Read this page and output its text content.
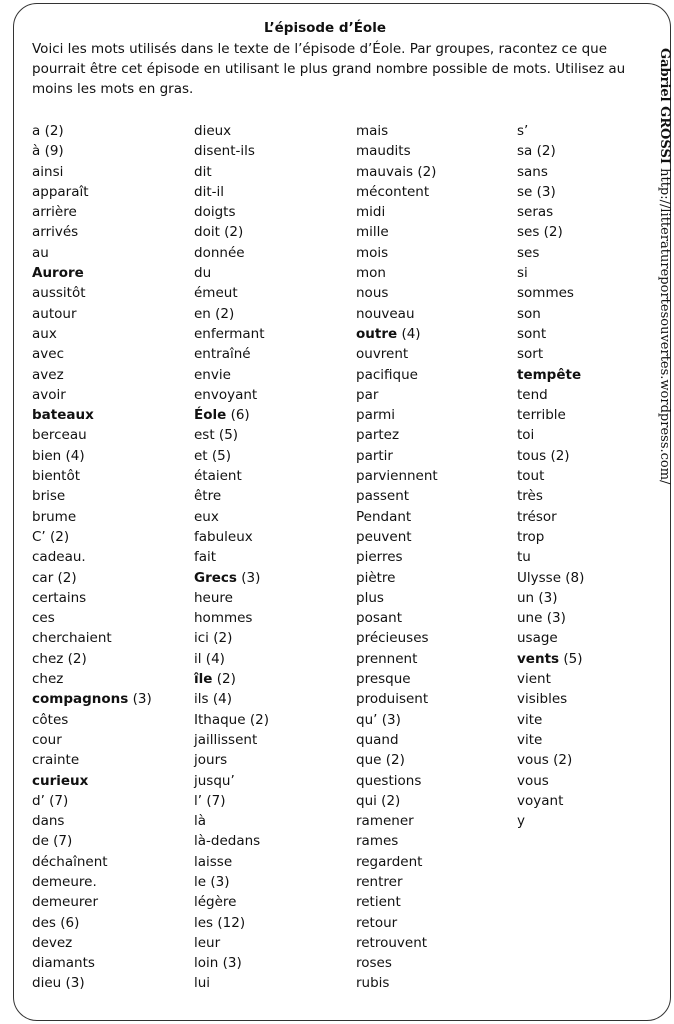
L’épisode d’Éole
Voici les mots utilisés dans le texte de l’épisode d’Éole. Par groupes, racontez ce que pourrait être cet épisode en utilisant le plus grand nombre possible de mots. Utilisez au moins les mots en gras.
a (2)
à (9)
ainsi
apparaît
arrière
arrivés
au
Aurore
aussitôt
autour
aux
avec
avez
avoir
bateaux
berceau
bien (4)
bientôt
brise
brume
C’ (2)
cadeau.
car (2)
certains
ces
cherchaient
chez (2)
chez
compagnons (3)
côtes
cour
crainte
curieux
d’ (7)
dans
de (7)
déchaînent
demeure.
demeurer
des (6)
devez
diamants
dieu (3)
dieux
disent-ils
dit
dit-il
doigts
doit (2)
donnée
du
émeut
en (2)
enfermant
entraîné
envie
envoyant
Éole (6)
est (5)
et (5)
étaient
être
eux
fabuleux
fait
Grecs (3)
heure
hommes
ici (2)
il (4)
île (2)
ils (4)
Ithaque (2)
jaillissent
jours
jusqu’
l’ (7)
là
là-dedans
laisse
le (3)
légère
les (12)
leur
loin (3)
lui
mais
maudits
mauvais (2)
mécontent
midi
mille
mois
mon
nous
nouveau
outre (4)
ouvrent
pacifique
par
parmi
partez
partir
parviennent
passent
Pendant
peuvent
pierres
piètre
plus
posant
précieuses
prennent
presque
produisent
qu’ (3)
quand
que (2)
questions
qui (2)
ramener
rames
regardent
rentrer
retient
retour
retrouvent
roses
rubis
s’
sa (2)
sans
se (3)
seras
ses (2)
ses
si
sommes
son
sont
sort
tempête
tend
terrible
toi
tous (2)
tout
très
trésor
trop
tu
Ulysse (8)
un (3)
une (3)
usage
vents (5)
vient
visibles
vite
vite
vous (2)
vous
voyant
y
Gabriel GROSSI http://litteratureportesouvertes.wordpress.com/
